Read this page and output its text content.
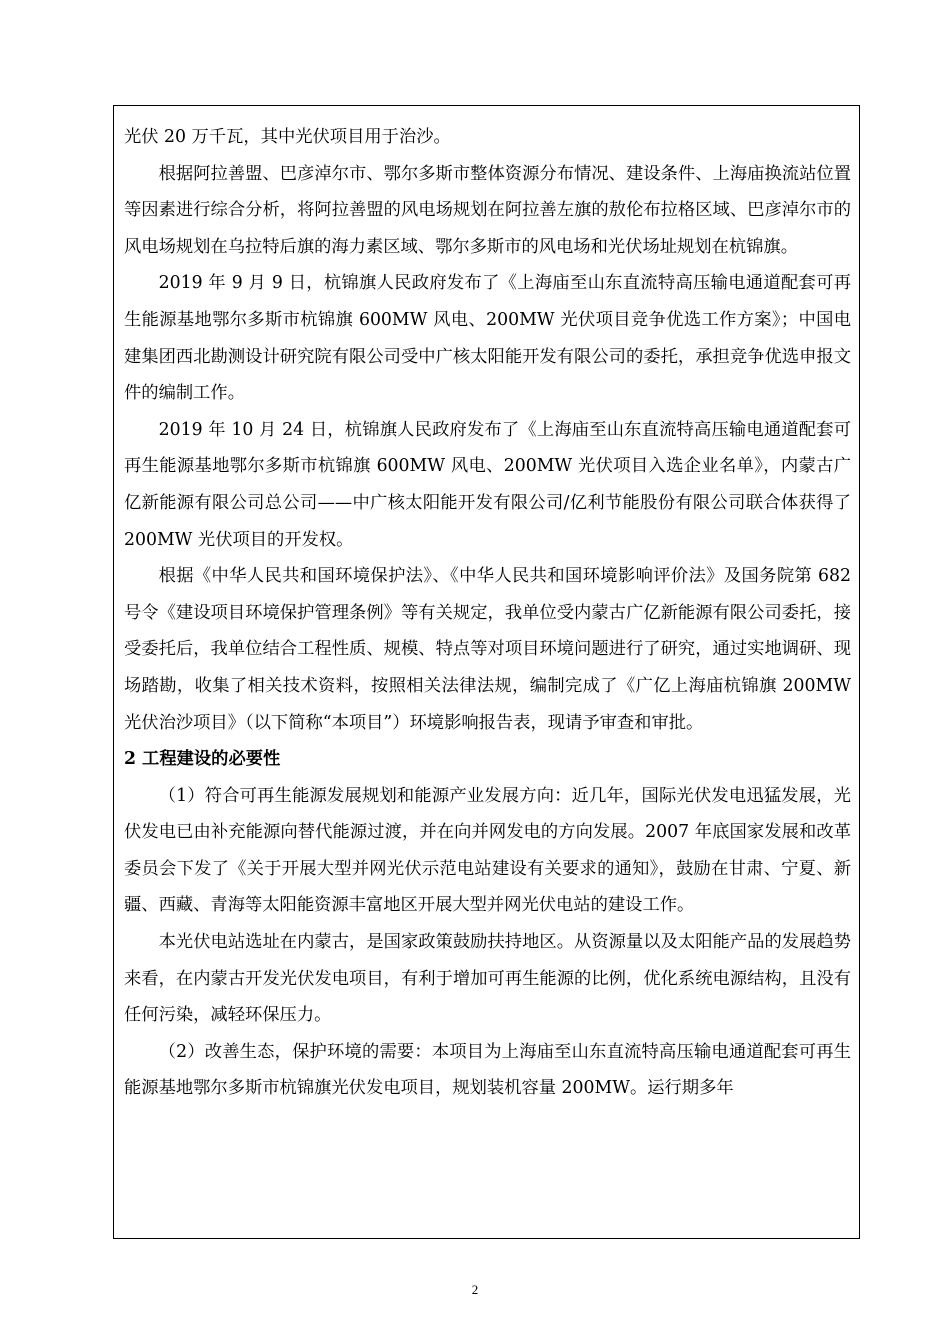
光伏 20 万千瓦，其中光伏项目用于治沙。

根据阿拉善盟、巴彦淖尔市、鄂尔多斯市整体资源分布情况、建设条件、上海庙换流站位置等因素进行综合分析，将阿拉善盟的风电场规划在阿拉善左旗的敖伦布拉格区域、巴彦淖尔市的风电场规划在乌拉特后旗的海力素区域、鄂尔多斯市的风电场和光伏场址规划在杭锦旗。

2019 年 9 月 9 日，杭锦旗人民政府发布了《上海庙至山东直流特高压输电通道配套可再生能源基地鄂尔多斯市杭锦旗 600MW 风电、200MW 光伏项目竞争优选工作方案》；中国电建集团西北勘测设计研究院有限公司受中广核太阳能开发有限公司的委托，承担竞争优选申报文件的编制工作。

2019 年 10 月 24 日，杭锦旗人民政府发布了《上海庙至山东直流特高压输电通道配套可再生能源基地鄂尔多斯市杭锦旗 600MW 风电、200MW 光伏项目入选企业名单》，内蒙古广亿新能源有限公司总公司——中广核太阳能开发有限公司/亿利节能股份有限公司联合体获得了 200MW 光伏项目的开发权。

根据《中华人民共和国环境保护法》、《中华人民共和国环境影响评价法》及国务院第 682 号令《建设项目环境保护管理条例》等有关规定，我单位受内蒙古广亿新能源有限公司委托，接受委托后，我单位结合工程性质、规模、特点等对项目环境问题进行了研究，通过实地调研、现场踏勘，收集了相关技术资料，按照相关法律法规，编制完成了《广亿上海庙杭锦旗 200MW 光伏治沙项目》（以下简称“本项目”）环境影响报告表，现请予审查和审批。

2 工程建设的必要性

（1）符合可再生能源发展规划和能源产业发展方向：近几年，国际光伏发电迅猛发展，光伏发电已由补充能源向替代能源过渡，并在向并网发电的方向发展。2007 年底国家发展和改革委员会下发了《关于开展大型并网光伏示范电站建设有关要求的通知》，鼓励在甘肃、宁夏、新疆、西藏、青海等太阳能资源丰富地区开展大型并网光伏电站的建设工作。

本光伏电站选址在内蒙古，是国家政策鼓励扶持地区。从资源量以及太阳能产品的发展趋势来看，在内蒙古开发光伏发电项目，有利于增加可再生能源的比例，优化系统电源结构，且没有任何污染，减轻环保压力。

（2）改善生态，保护环境的需要：本项目为上海庙至山东直流特高压输电通道配套可再生能源基地鄂尔多斯市杭锦旗光伏发电项目，规划装机容量 200MW。运行期多年

2
